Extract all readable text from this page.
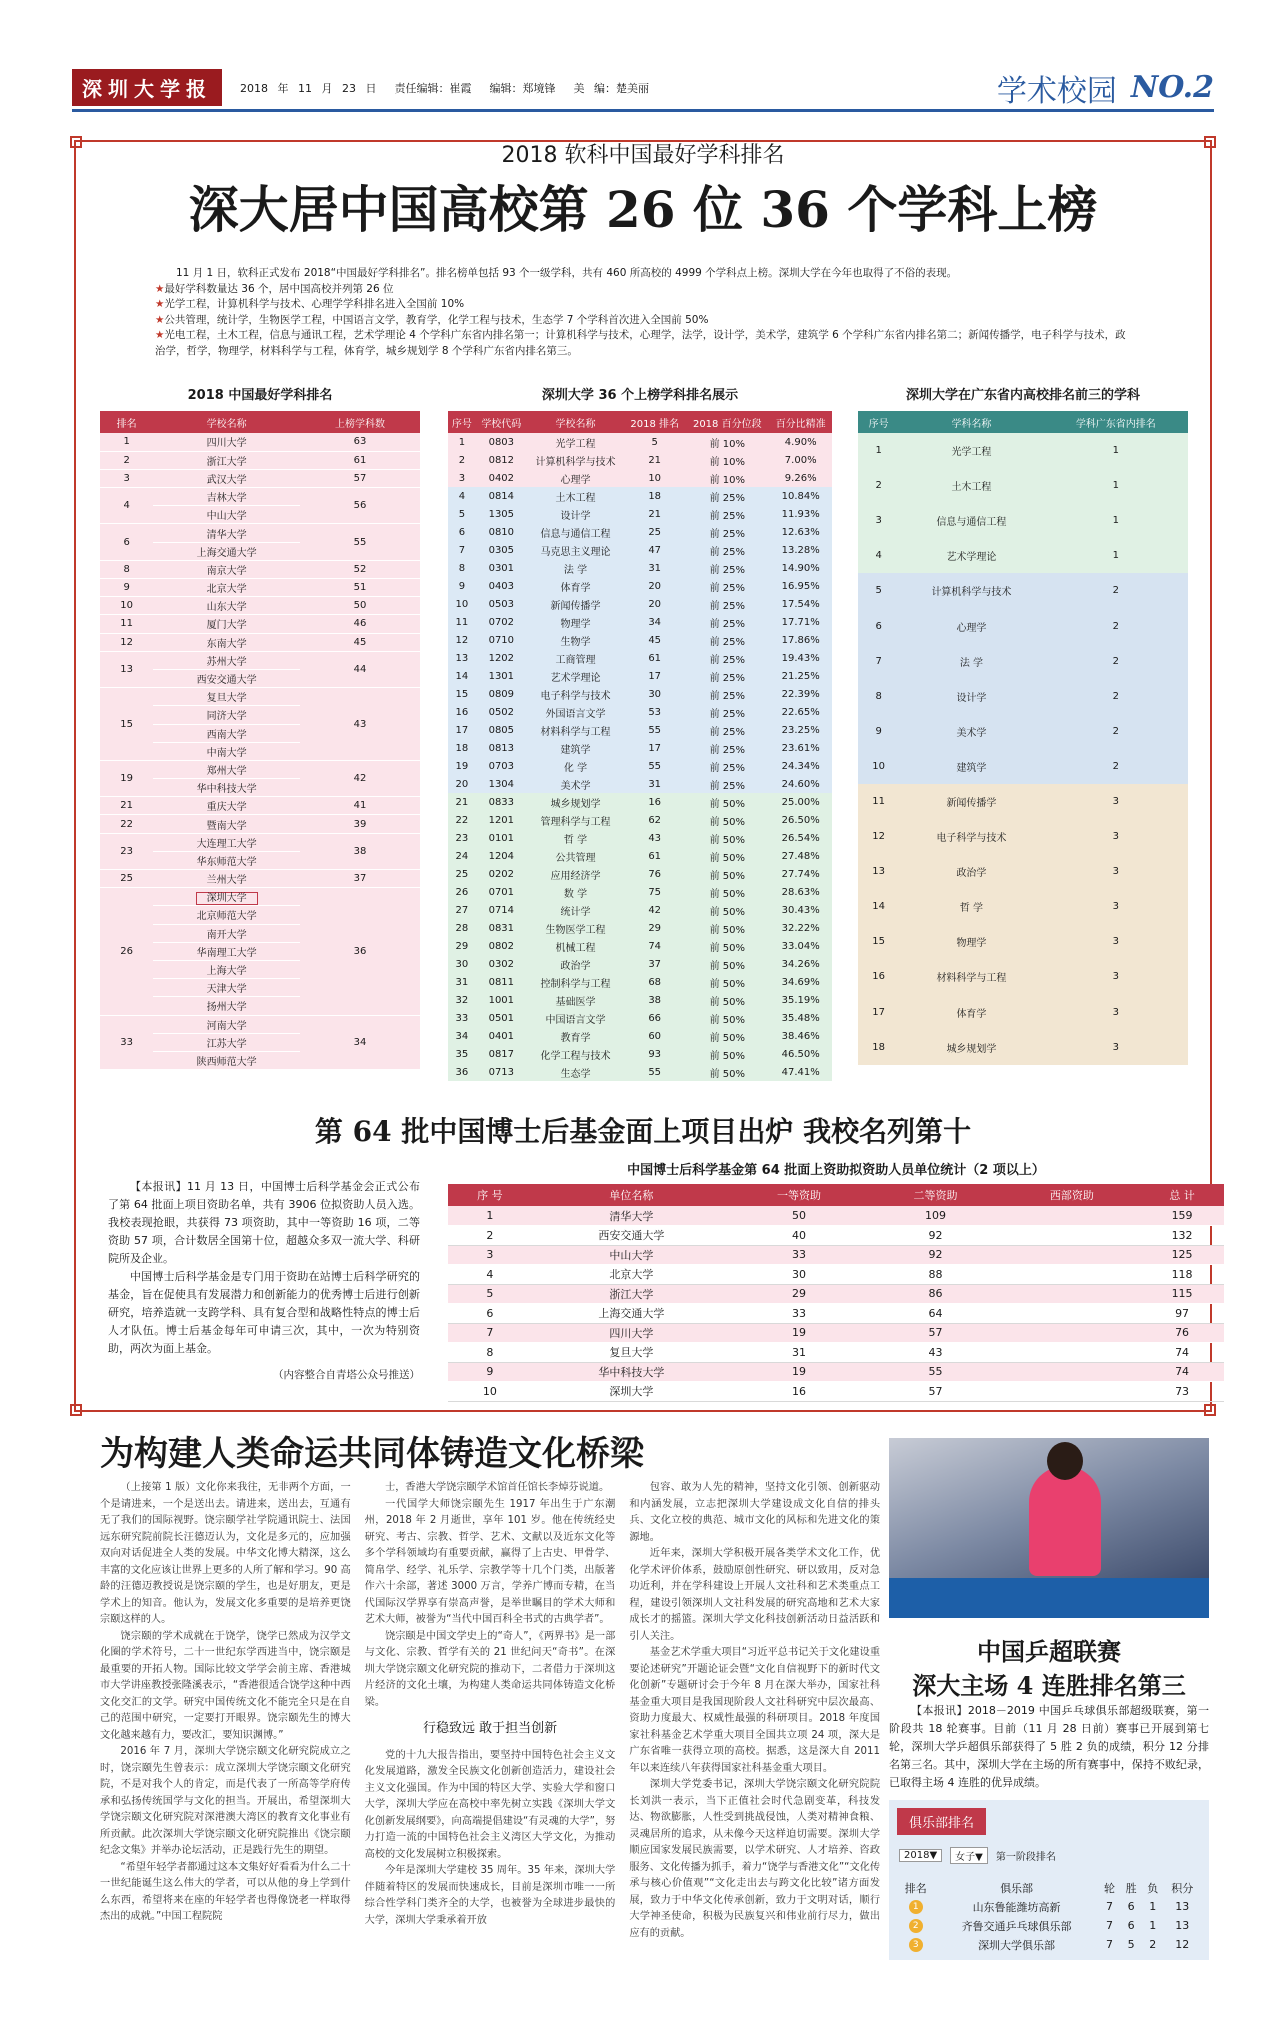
深圳大学报	2018 年 11 月 23 日 责任编辑：崔霞 编辑：郑境锋 美 编：楚美丽	学术校园 NO.2
2018 软科中国最好学科排名
深大居中国高校第 26 位 36 个学科上榜
11 月 1 日，软科正式发布 2018“中国最好学科排名”。排名榜单包括 93 个一级学科，共有 460 所高校的 4999 个学科点上榜。深圳大学在今年也取得了不俗的表现。
★最好学科数量达 36 个，居中国高校并列第 26 位
★光学工程，计算机科学与技术、心理学学科排名进入全国前 10%
★公共管理，统计学，生物医学工程，中国语言文学，教育学，化学工程与技术，生态学 7 个学科首次进入全国前 50%
★光电工程，土木工程，信息与通讯工程，艺术学理论 4 个学科广东省内排名第一；计算机科学与技术，心理学，法学，设计学，美术学，建筑学 6 个学科广东省内排名第二；新闻传播学，电子科学与技术，政治学，哲学，物理学，材料科学与工程，体育学，城乡规划学 8 个学科广东省内排名第三。
2018 中国最好学科排名
排名	学校名称	上榜学科数
1	四川大学	63
2	浙江大学	61
3	武汉大学	57
4	吉林大学	56
	中山大学	
6	清华大学	55
	上海交通大学	
8	南京大学	52
9	北京大学	51
10	山东大学	50
11	厦门大学	46
12	东南大学	45
13	苏州大学	44
	西安交通大学	
15	复旦大学	43
	同济大学	
	西南大学	
	中南大学	
19	郑州大学	42
	华中科技大学	
21	重庆大学	41
22	暨南大学	39
23	大连理工大学	38
	华东师范大学	
25	兰州大学	37
26	深圳大学	36
	北京师范大学	
	南开大学	
	华南理工大学	
	上海大学	
	天津大学	
	扬州大学	
33	河南大学	34
	江苏大学	
	陕西师范大学	
深圳大学 36 个上榜学科排名展示
序号	学校代码	学校名称	2018 排名	2018 百分位段	百分比精准
1	0803	光学工程	5	前 10%	4.90%
2	0812	计算机科学与技术	21	前 10%	7.00%
3	0402	心理学	10	前 10%	9.26%
4	0814	土木工程	18	前 25%	10.84%
5	1305	设计学	21	前 25%	11.93%
6	0810	信息与通信工程	25	前 25%	12.63%
7	0305	马克思主义理论	47	前 25%	13.28%
8	0301	法 学	31	前 25%	14.90%
9	0403	体育学	20	前 25%	16.95%
10	0503	新闻传播学	20	前 25%	17.54%
11	0702	物理学	34	前 25%	17.71%
12	0710	生物学	45	前 25%	17.86%
13	1202	工商管理	61	前 25%	19.43%
14	1301	艺术学理论	17	前 25%	21.25%
15	0809	电子科学与技术	30	前 25%	22.39%
16	0502	外国语言文学	53	前 25%	22.65%
17	0805	材料科学与工程	55	前 25%	23.25%
18	0813	建筑学	17	前 25%	23.61%
19	0703	化 学	55	前 25%	24.34%
20	1304	美术学	31	前 25%	24.60%
21	0833	城乡规划学	16	前 50%	25.00%
22	1201	管理科学与工程	62	前 50%	26.50%
23	0101	哲 学	43	前 50%	26.54%
24	1204	公共管理	61	前 50%	27.48%
25	0202	应用经济学	76	前 50%	27.74%
26	0701	数 学	75	前 50%	28.63%
27	0714	统计学	42	前 50%	30.43%
28	0831	生物医学工程	29	前 50%	32.22%
29	0802	机械工程	74	前 50%	33.04%
30	0302	政治学	37	前 50%	34.26%
31	0811	控制科学与工程	68	前 50%	34.69%
32	1001	基础医学	38	前 50%	35.19%
33	0501	中国语言文学	66	前 50%	35.48%
34	0401	教育学	60	前 50%	38.46%
35	0817	化学工程与技术	93	前 50%	46.50%
36	0713	生态学	55	前 50%	47.41%
深圳大学在广东省内高校排名前三的学科
序号	学科名称	学科广东省内排名
1	光学工程	1
2	土木工程	1
3	信息与通信工程	1
4	艺术学理论	1
5	计算机科学与技术	2
6	心理学	2
7	法 学	2
8	设计学	2
9	美术学	2
10	建筑学	2
11	新闻传播学	3
12	电子科学与技术	3
13	政治学	3
14	哲 学	3
15	物理学	3
16	材料科学与工程	3
17	体育学	3
18	城乡规划学	3
第 64 批中国博士后基金面上项目出炉 我校名列第十

【本报讯】11 月 13 日，中国博士后科学基金会正式公布了第 64 批面上项目资助名单，共有 3906 位拟资助人员入选。我校表现抢眼，共获得 73 项资助，其中一等资助 16 项，二等资助 57 项，合计数居全国第十位，超越众多双一流大学、科研院所及企业。

中国博士后科学基金是专门用于资助在站博士后科学研究的基金，旨在促使具有发展潜力和创新能力的优秀博士后进行创新研究，培养造就一支跨学科、具有复合型和战略性特点的博士后人才队伍。博士后基金每年可申请三次，其中，一次为特别资助，两次为面上基金。

（内容整合自青塔公众号推送）
中国博士后科学基金第 64 批面上资助拟资助人员单位统计（2 项以上）
序 号	单位名称	一等资助	二等资助	西部资助	总 计
1	清华大学	50	109		159
2	西安交通大学	40	92		132
3	中山大学	33	92		125
4	北京大学	30	88		118
5	浙江大学	29	86		115
6	上海交通大学	33	64		97
7	四川大学	19	57		76
8	复旦大学	31	43		74
9	华中科技大学	19	55		74
10	深圳大学	16	57		73
为构建人类命运共同体铸造文化桥梁

（上接第 1 版）文化你来我往，无非两个方面，一个是请进来，一个是送出去。请进来，送出去，互通有无了我们的国际视野。饶宗颐学社学院通讯院士、法国远东研究院前院长汪德迈认为，文化是多元的，应加强双向对话促进全人类的发展。中华文化博大精深，这么丰富的文化应该让世界上更多的人所了解和学习。90 高龄的汪德迈教授说是饶宗颐的学生，也是好朋友，更是学术上的知音。他认为，发展文化多重要的是培养更饶宗颐这样的人。

饶宗颐的学术成就在于饶学，饶学已然成为汉学文化圈的学术符号，二十一世纪东学西进当中，饶宗颐是最重要的开拓人物。国际比较文学学会前主席、香港城市大学讲座教授张隆溪表示，“香港很适合饶学这种中西文化交汇的文学。研究中国传统文化不能完全只是在自己的范围中研究，一定要打开眼界。饶宗颐先生的博大文化越来越有力，要改汇，要知识渊博。”

2016 年 7 月，深圳大学饶宗颐文化研究院成立之时，饶宗颐先生曾表示：成立深圳大学饶宗颐文化研究院，不是对我个人的肯定，而是代表了一所高等学府传承和弘扬传统国学与文化的担当。开展出，希望深圳大学饶宗颐文化研究院对深港澳大湾区的教育文化事业有所贡献。此次深圳大学饶宗颐文化研究院推出《饶宗颐纪念文集》并举办论坛活动，正是践行先生的期望。

“希望年轻学者都通过这本文集好好看看为什么二十一世纪能诞生这么伟大的学者，可以从他的身上学到什么东西，希望将来在座的年轻学者也得像饶老一样取得杰出的成就。”中国工程院院

士，香港大学饶宗颐学术馆首任馆长李焯芬说道。

一代国学大师饶宗颐先生 1917 年出生于广东潮州，2018 年 2 月逝世，享年 101 岁。他在传统经史研究、考古、宗教、哲学、艺术、文献以及近东文化等多个学科领域均有重要贡献，赢得了上古史、甲骨学、简帛学、经学、礼乐学、宗教学等十几个门类，出版著作六十余部，著述 3000 万言，学养广博而专精，在当代国际汉学界享有崇高声誉，是举世瞩目的学术大师和艺术大师，被誉为“当代中国百科全书式的古典学者”。

饶宗颐是中国文学史上的“奇人”，《两界书》是一部与文化、宗教、哲学有关的 21 世纪问天“奇书”。在深圳大学饶宗颐文化研究院的推动下，二者借力于深圳这片经济的文化土壤，为构建人类命运共同体铸造文化桥梁。

行稳致远 敢于担当创新

党的十九大报告指出，要坚持中国特色社会主义文化发展道路，激发全民族文化创新创造活力，建设社会主义文化强国。作为中国的特区大学、实验大学和窗口大学，深圳大学应在高校中率先树立实践《深圳大学文化创新发展纲要》，向高端提倡建设“有灵魂的大学”，努力打造一流的中国特色社会主义湾区大学文化，为推动高校的文化发展树立积极探索。

今年是深圳大学建校 35 周年。35 年来，深圳大学伴随着特区的发展而快速成长，目前是深圳市唯一一所综合性学科门类齐全的大学，也被誉为全球进步最快的大学，深圳大学秉承着开放

包容、敢为人先的精神，坚持文化引领、创新驱动和内涵发展，立志把深圳大学建设成文化自信的排头兵、文化立校的典范、城市文化的风标和先进文化的策源地。

近年来，深圳大学积极开展各类学术文化工作，优化学术评价体系，鼓励原创性研究、研以致用，反对急功近利，并在学科建设上开展人文社科和艺术类重点工程，建设引领深圳人文社科发展的研究高地和艺术大家成长才的摇篮。深圳大学文化科技创新活动日益活跃和引人关注。

基金艺术学重大项目“习近平总书记关于文化建设重要论述研究”开题论证会暨“文化自信视野下的新时代文化创新”专题研讨会于今年 8 月在深大举办，国家社科基金重大项目是我国现阶段人文社科研究中层次最高、资助力度最大、权威性最强的科研项目。2018 年度国家社科基金艺术学重大项目全国共立项 24 项，深大是广东省唯一获得立项的高校。据悉，这是深大自 2011 年以来连续八年获得国家社科基金重大项目。

深圳大学党委书记，深圳大学饶宗颐文化研究院院长刘洪一表示，当下正值社会时代急剧变革，科技发达、物欲膨胀，人性受到挑战侵蚀，人类对精神食粮、灵魂居所的追求，从未像今天这样迫切需要。深圳大学顺应国家发展民族需要，以学术研究、人才培养、咨政服务、文化传播为抓手，着力“饶学与香港文化”“文化传承与核心价值观”“文化走出去与跨文化比较”诸方面发展，致力于中华文化传承创新，致力于文明对话，顺行大学神圣使命，积极为民族复兴和伟业前行尽力，做出应有的贡献。

中国乒超联赛
深大主场 4 连胜排名第三
【本报讯】2018－2019 中国乒乓球俱乐部超级联赛，第一阶段共 18 轮赛事。目前（11 月 28 日前）赛事已开展到第七轮，深圳大学乒超俱乐部获得了 5 胜 2 负的成绩，积分 12 分排名第三名。其中，深圳大学在主场的所有赛事中，保持不败纪录，已取得主场 4 连胜的优异成绩。
俱乐部排名
2018▼	女子▼	第一阶段排名
排名	俱乐部	轮	胜	负	积分
1	山东鲁能潍坊高新	7	6	1	13
2	齐鲁交通乒乓球俱乐部	7	6	1	13
3	深圳大学俱乐部	7	5	2	12
